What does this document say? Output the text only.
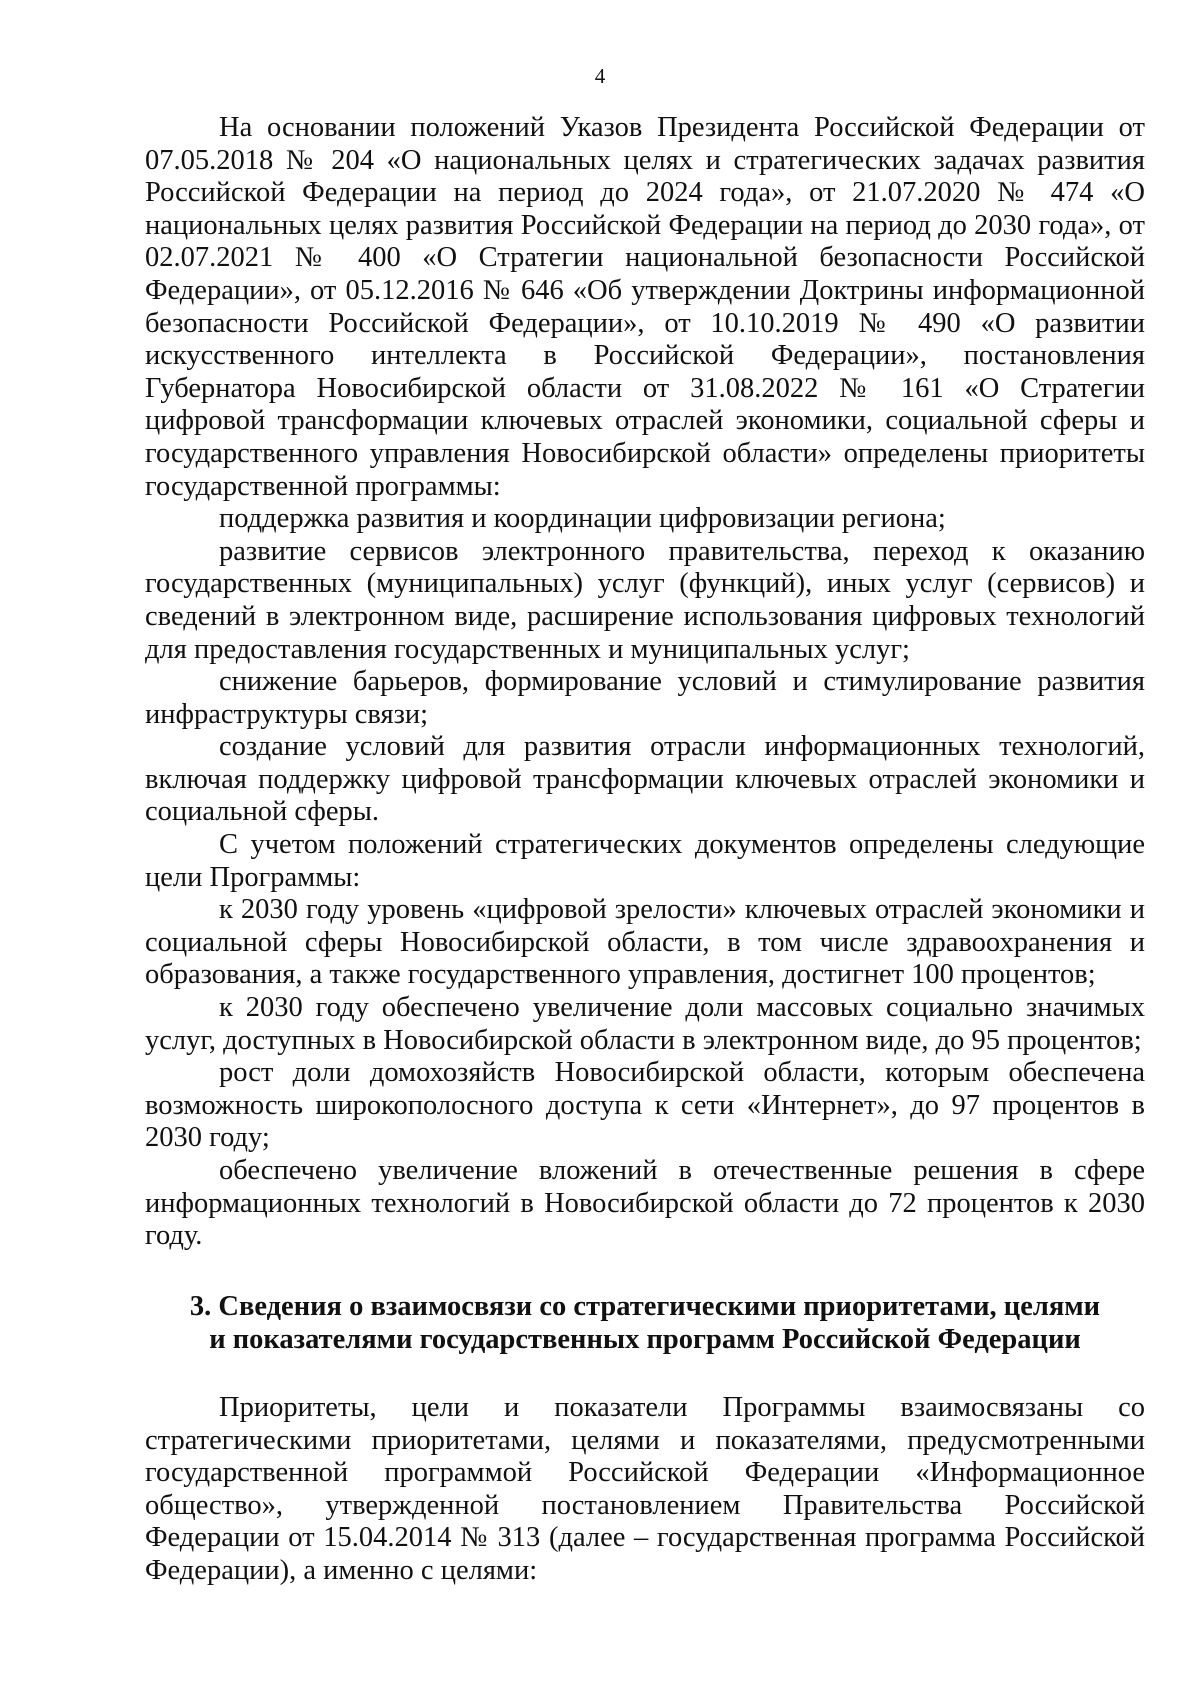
4

На основании положений Указов Президента Российской Федерации от 07.05.2018 № 204 «О национальных целях и стратегических задачах развития Российской Федерации на период до 2024 года», от 21.07.2020 № 474 «О национальных целях развития Российской Федерации на период до 2030 года», от 02.07.2021 № 400 «О Стратегии национальной безопасности Российской Федерации», от 05.12.2016 № 646 «Об утверждении Доктрины информационной безопасности Российской Федерации», от 10.10.2019 № 490 «О развитии искусственного интеллекта в Российской Федерации», постановления Губернатора Новосибирской области от 31.08.2022 № 161 «О Стратегии цифровой трансформации ключевых отраслей экономики, социальной сферы и государственного управления Новосибирской области» определены приоритеты государственной программы:

поддержка развития и координации цифровизации региона;

развитие сервисов электронного правительства, переход к оказанию государственных (муниципальных) услуг (функций), иных услуг (сервисов) и сведений в электронном виде, расширение использования цифровых технологий для предоставления государственных и муниципальных услуг;

снижение барьеров, формирование условий и стимулирование развития инфраструктуры связи;

создание условий для развития отрасли информационных технологий, включая поддержку цифровой трансформации ключевых отраслей экономики и социальной сферы.

С учетом положений стратегических документов определены следующие цели Программы:

к 2030 году уровень «цифровой зрелости» ключевых отраслей экономики и социальной сферы Новосибирской области, в том числе здравоохранения и образования, а также государственного управления, достигнет 100 процентов;

к 2030 году обеспечено увеличение доли массовых социально значимых услуг, доступных в Новосибирской области в электронном виде, до 95 процентов;

рост доли домохозяйств Новосибирской области, которым обеспечена возможность широкополосного доступа к сети «Интернет», до 97 процентов в 2030 году;

обеспечено увеличение вложений в отечественные решения в сфере информационных технологий в Новосибирской области до 72 процентов к 2030 году.

3. Сведения о взаимосвязи со стратегическими приоритетами, целями
и показателями государственных программ Российской Федерации

Приоритеты, цели и показатели Программы взаимосвязаны со стратегическими приоритетами, целями и показателями, предусмотренными государственной программой Российской Федерации «Информационное общество», утвержденной постановлением Правительства Российской Федерации от 15.04.2014 № 313 (далее – государственная программа Российской Федерации), а именно с целями:
